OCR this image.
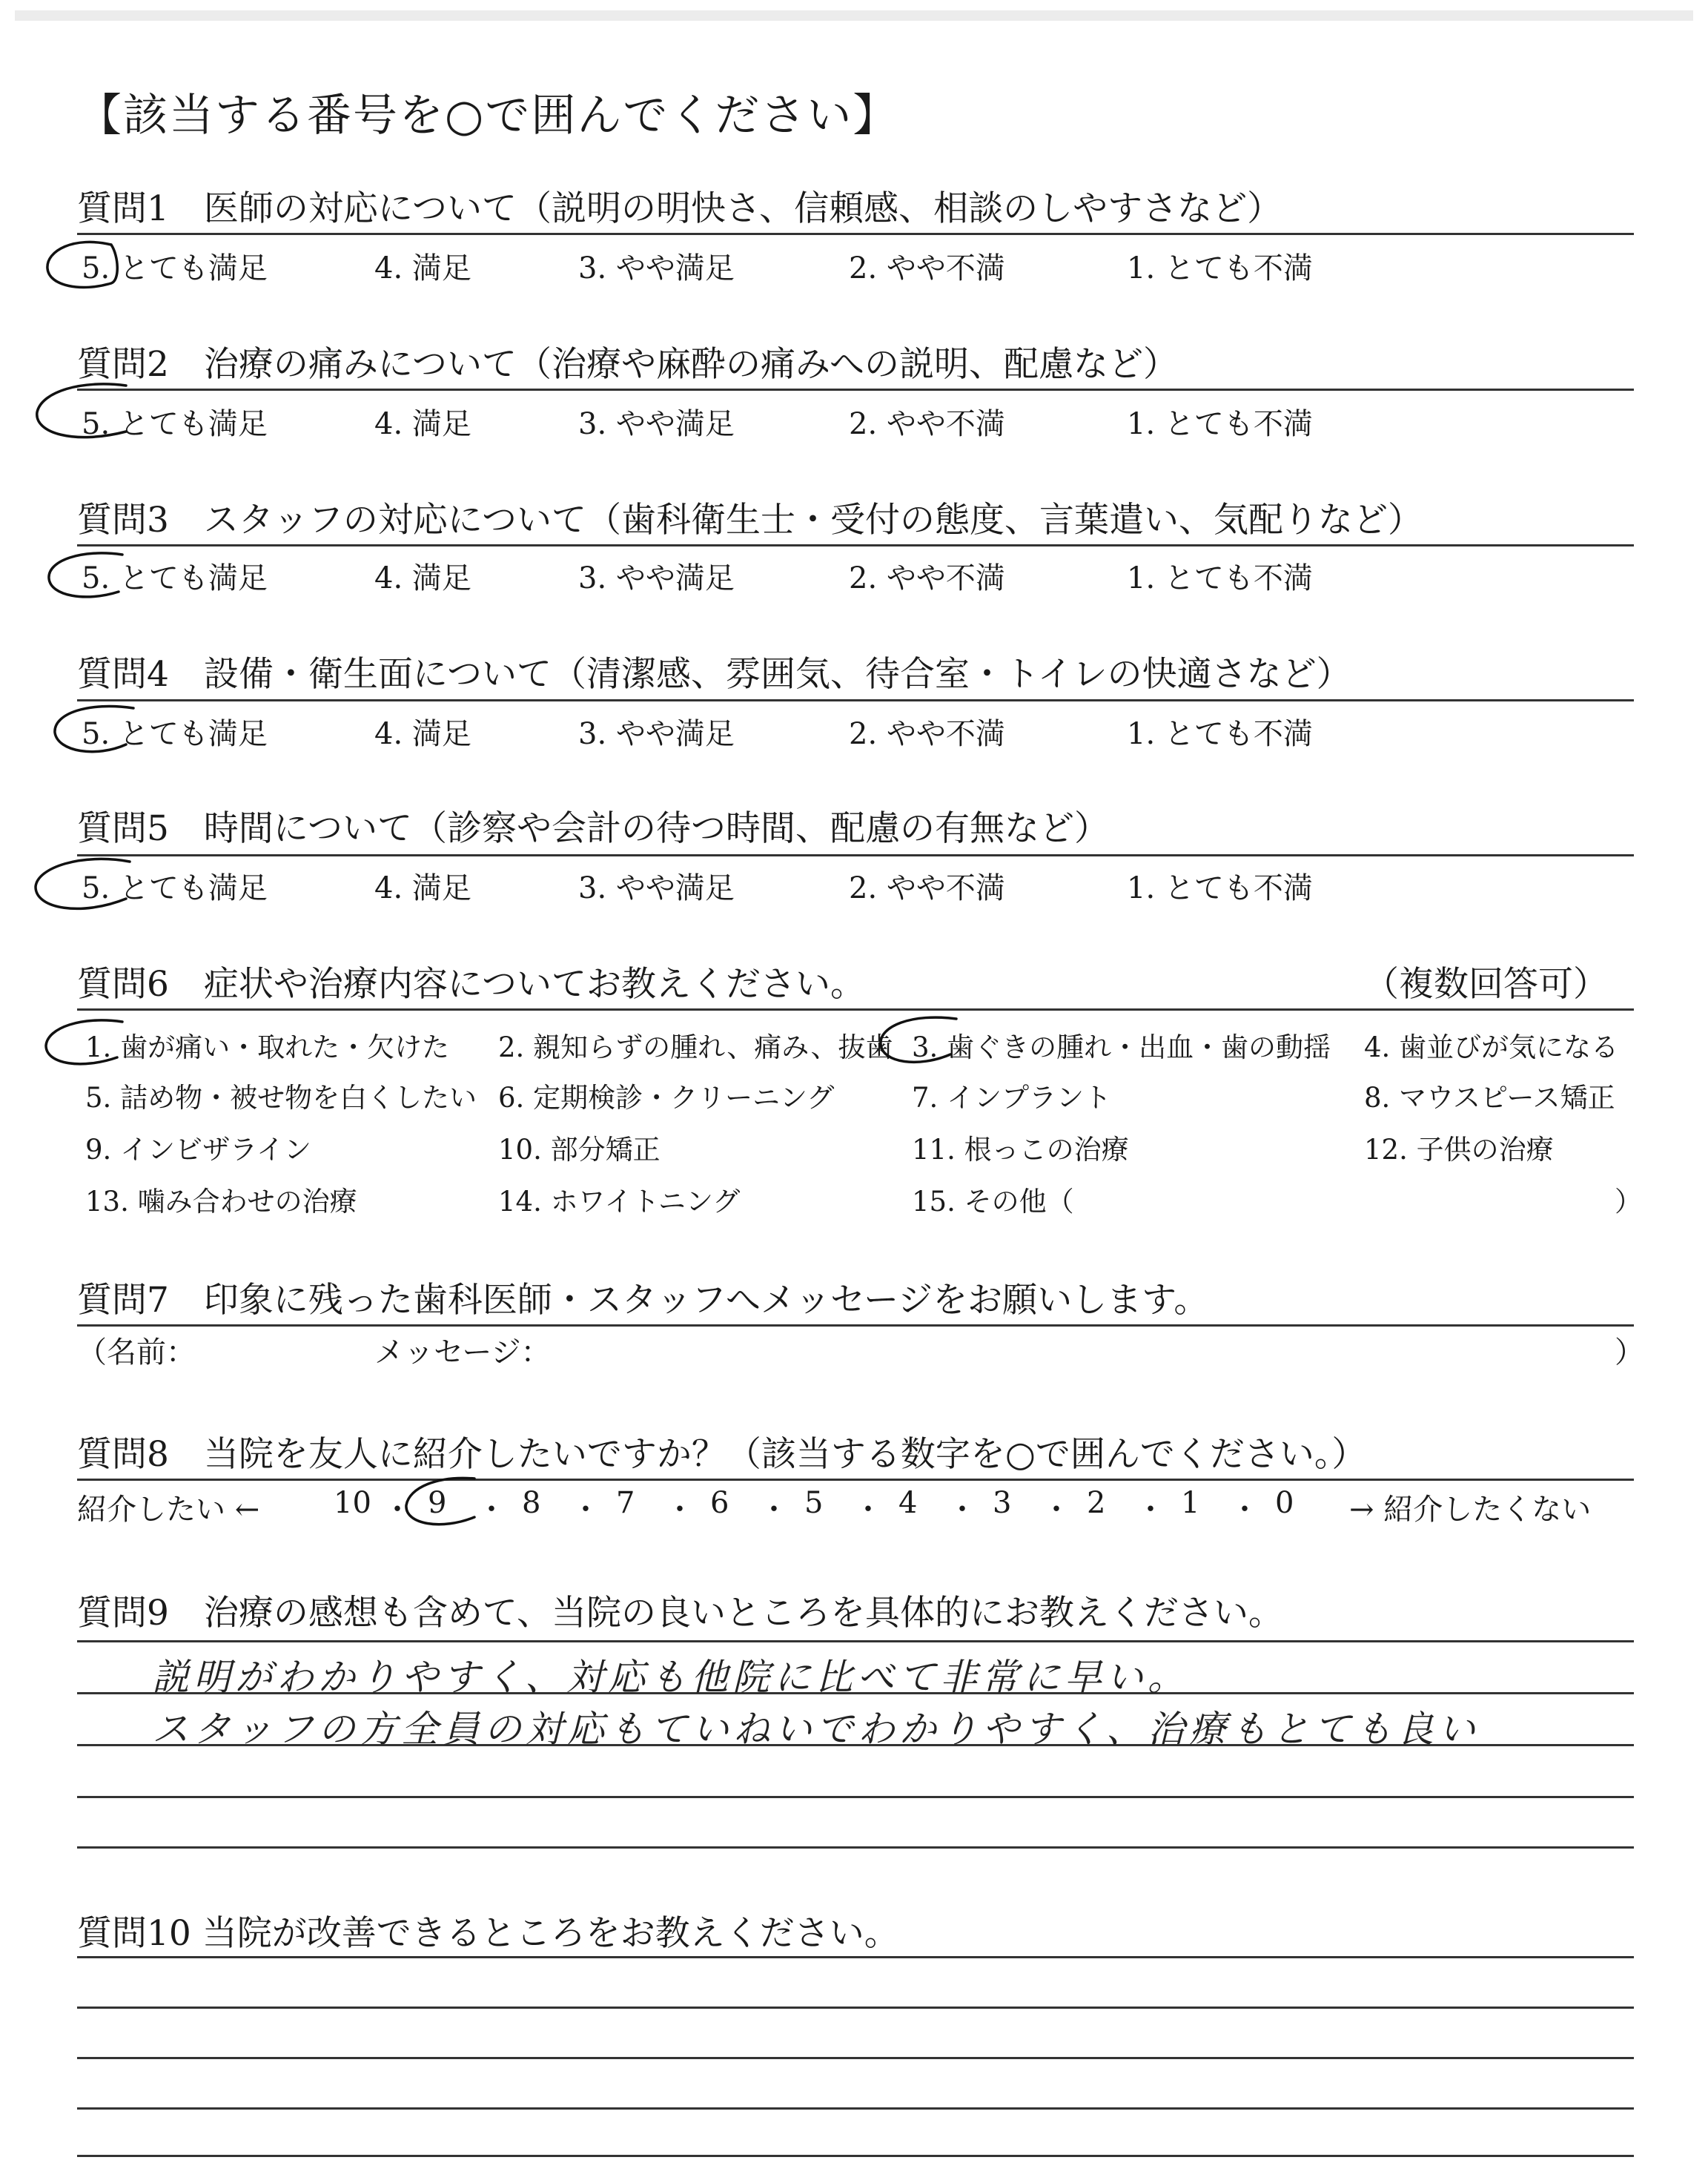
【該当する番号を○で囲んでください】
質問1　医師の対応について（説明の明快さ、信頼感、相談のしやすさなど）
5. とても満足	4. 満足	3. やや満足	2. やや不満	1. とても不満
質問2　治療の痛みについて（治療や麻酔の痛みへの説明、配慮など）
5. とても満足	4. 満足	3. やや満足	2. やや不満	1. とても不満
質問3　スタッフの対応について（歯科衛生士・受付の態度、言葉遣い、気配りなど）
5. とても満足	4. 満足	3. やや満足	2. やや不満	1. とても不満
質問4　設備・衛生面について（清潔感、雰囲気、待合室・トイレの快適さなど）
5. とても満足	4. 満足	3. やや満足	2. やや不満	1. とても不満
質問5　時間について（診察や会計の待つ時間、配慮の有無など）
5. とても満足	4. 満足	3. やや満足	2. やや不満	1. とても不満
質問6　症状や治療内容についてお教えください。	（複数回答可）
1. 歯が痛い・取れた・欠けた 2. 親知らずの腫れ、痛み、抜歯 3. 歯ぐきの腫れ・出血・歯の動揺 4. 歯並びが気になる
5. 詰め物・被せ物を白くしたい 6. 定期検診・クリーニング	7. インプラント	8. マウスピース矯正
9. インビザライン	10. 部分矯正	11. 根っこの治療	12. 子供の治療
13. 噛み合わせの治療	14. ホワイトニング	15. その他（	）
質問7　印象に残った歯科医師・スタッフへメッセージをお願いします。
（名前：	メッセージ：	）
質問8　当院を友人に紹介したいですか？（該当する数字を○で囲んでください。）
紹介したい ←	→ 紹介したくない
10 ・ 9 ・ 8 ・ 7 ・ 6 ・ 5 ・ 4 ・ 3 ・ 2 ・ 1 ・ 0
質問9　治療の感想も含めて、当院の良いところを具体的にお教えください。
説明がわかりやすく、対応も他院に比べて非常に早い。
スタッフの方全員の対応もていねいでわかりやすく、治療もとても良い
質問10 当院が改善できるところをお教えください。
